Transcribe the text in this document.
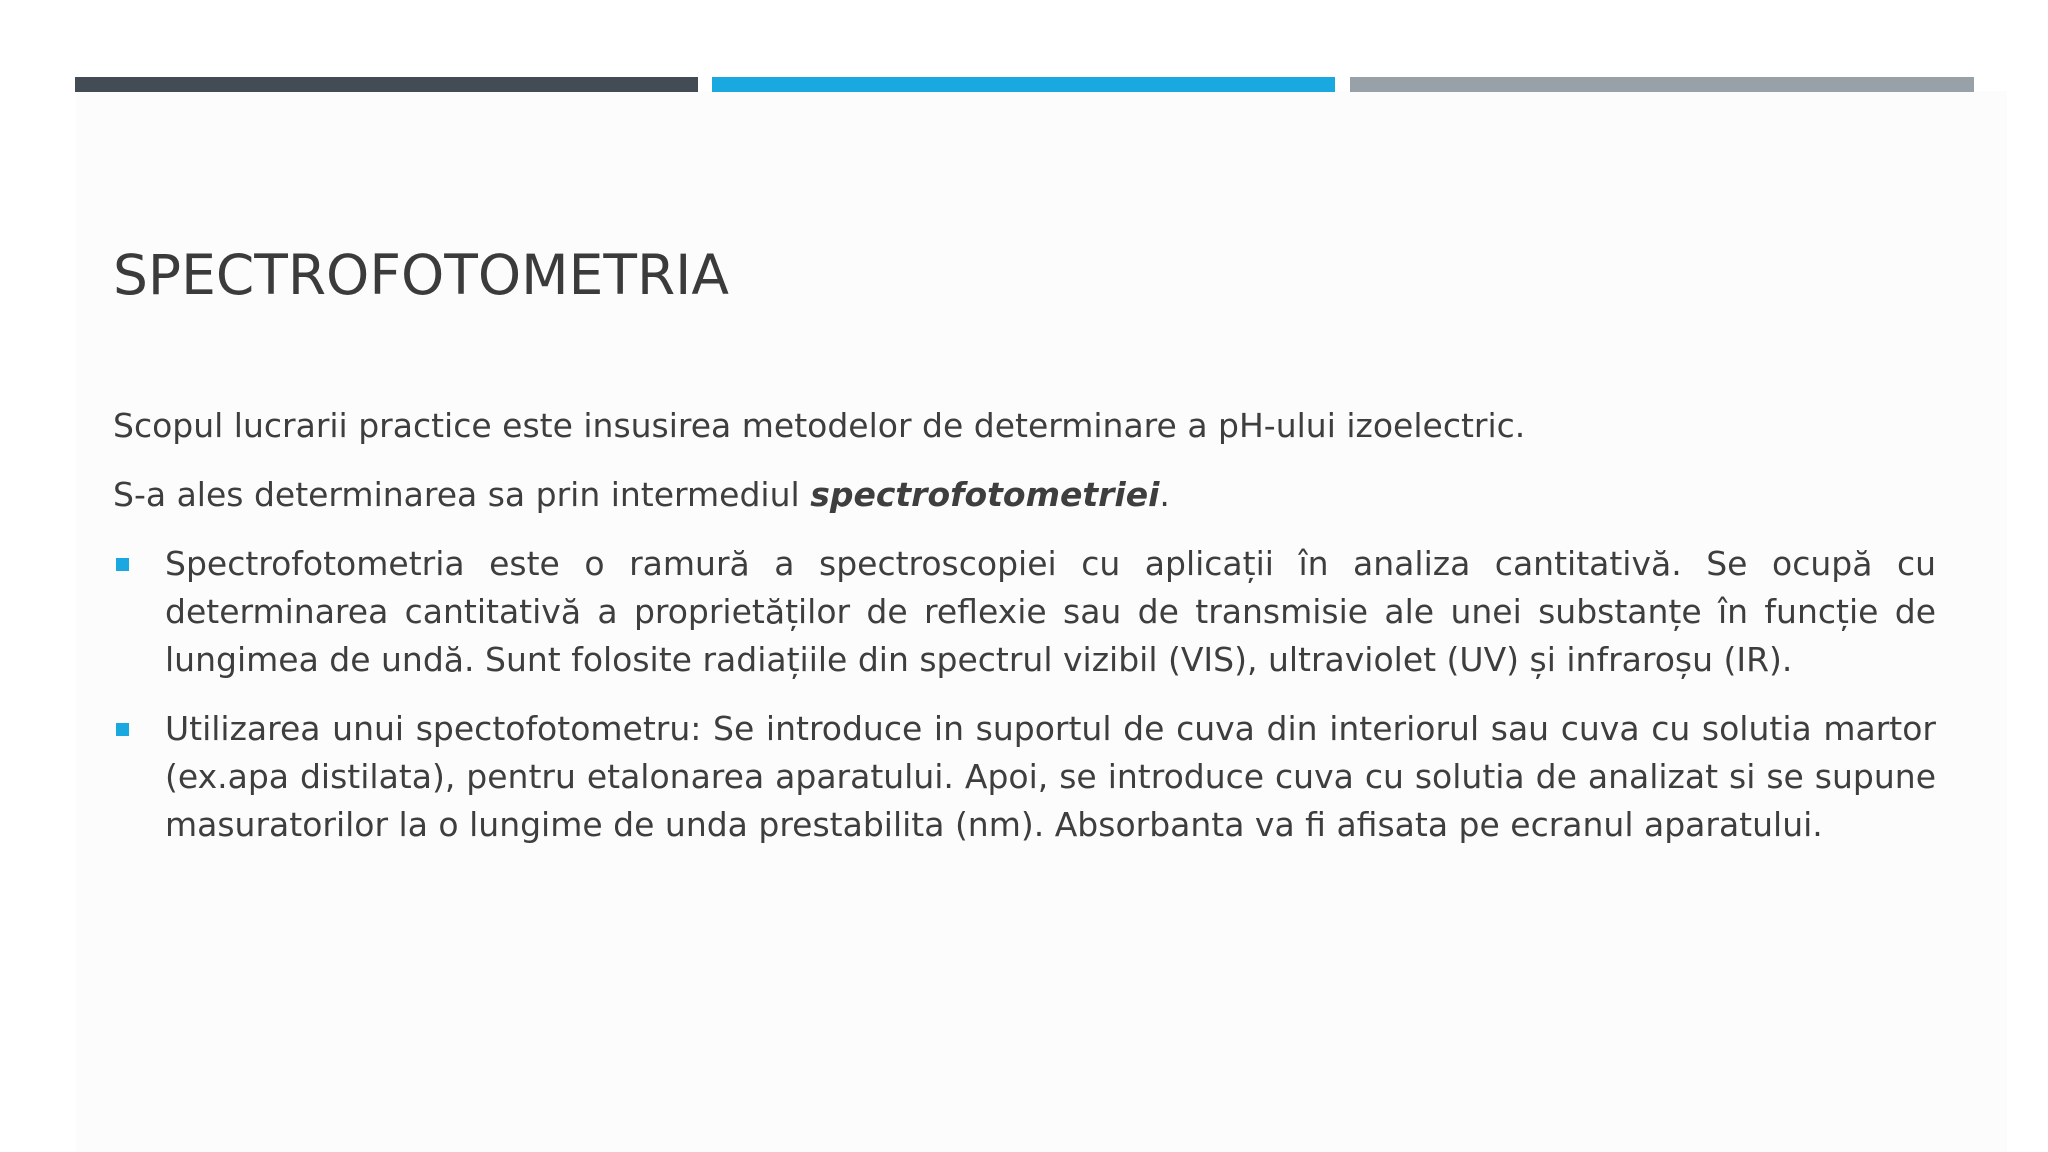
SPECTROFOTOMETRIA

Scopul lucrarii practice este insusirea metodelor de determinare a pH-ului izoelectric.

S-a ales determinarea sa prin intermediul spectrofotometriei.

Spectrofotometria este o ramură a spectroscopiei cu aplicații în analiza cantitativă. Se ocupă cu determinarea cantitativă a proprietăților de reflexie sau de transmisie ale unei substanțe în funcție de lungimea de undă. Sunt folosite radiațiile din spectrul vizibil (VIS), ultraviolet (UV) și infraroșu (IR).
Utilizarea unui spectofotometru: Se introduce in suportul de cuva din interiorul sau cuva cu solutia martor (ex.apa distilata), pentru etalonarea aparatului. Apoi, se introduce cuva cu solutia de analizat si se supune masuratorilor la o lungime de unda prestabilita (nm). Absorbanta va fi afisata pe ecranul aparatului.
